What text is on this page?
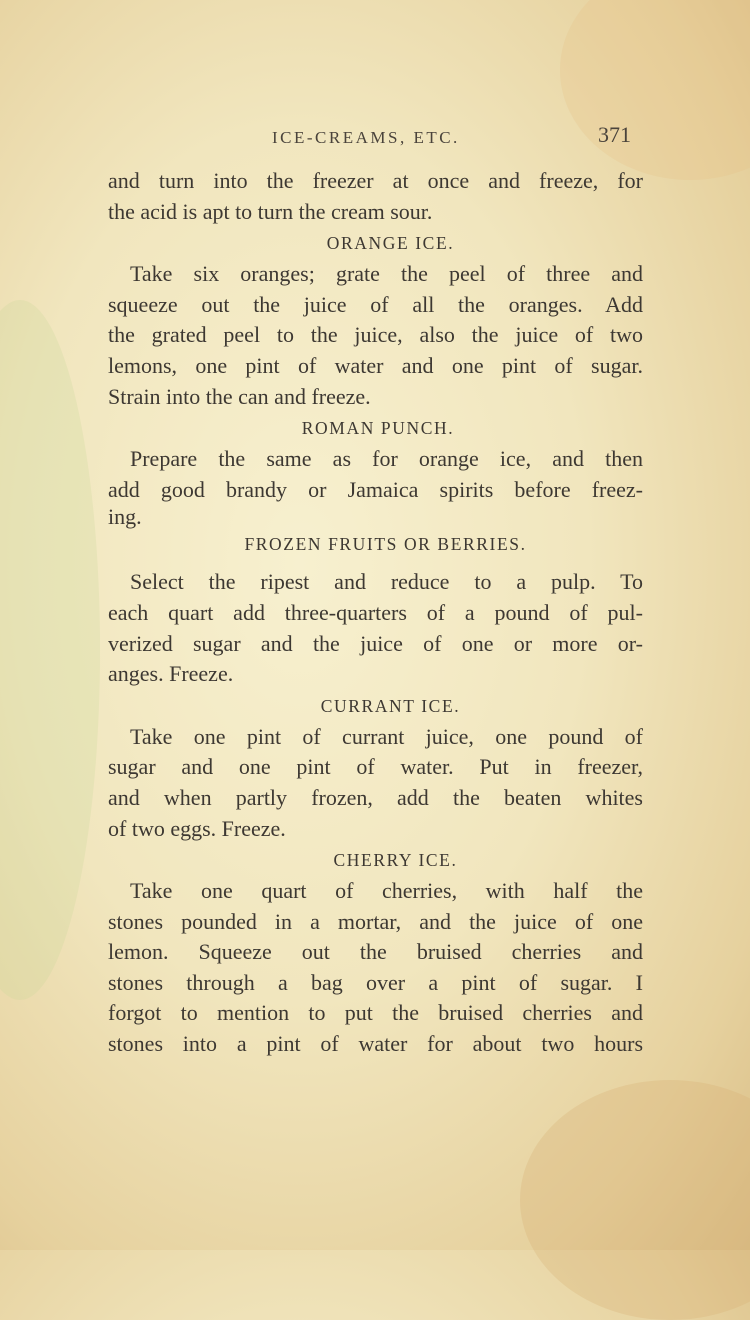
ICE-CREAMS, ETC.	371
and turn into the freezer at once and freeze, for
the acid is apt to turn the cream sour.
ORANGE ICE.
Take six oranges; grate the peel of three and
squeeze out the juice of all the oranges. Add
the grated peel to the juice, also the juice of two
lemons, one pint of water and one pint of sugar.
Strain into the can and freeze.
ROMAN PUNCH.
Prepare the same as for orange ice, and then
add good brandy or Jamaica spirits before freez-
ing.
FROZEN FRUITS OR BERRIES.
Select the ripest and reduce to a pulp. To
each quart add three-quarters of a pound of pul-
verized sugar and the juice of one or more or-
anges. Freeze.
CURRANT ICE.
Take one pint of currant juice, one pound of
sugar and one pint of water. Put in freezer,
and when partly frozen, add the beaten whites
of two eggs. Freeze.
CHERRY ICE.
Take one quart of cherries, with half the
stones pounded in a mortar, and the juice of one
lemon. Squeeze out the bruised cherries and
stones through a bag over a pint of sugar. I
forgot to mention to put the bruised cherries and
stones into a pint of water for about two hours
